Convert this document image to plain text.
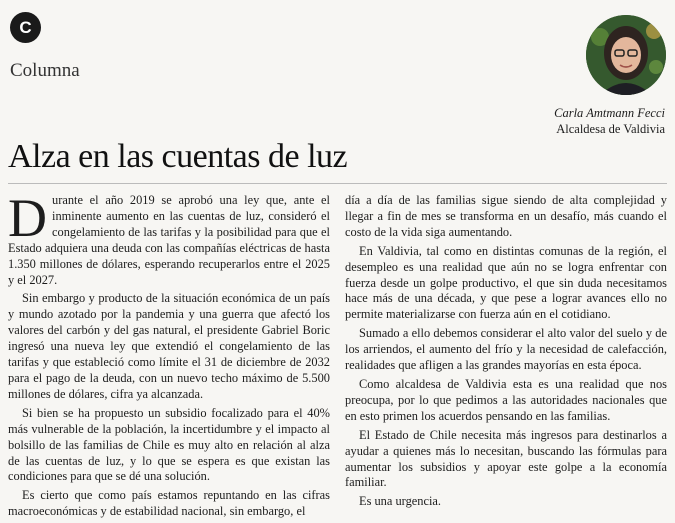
C
Columna
Carla Amtmann Fecci
Alcaldesa de Valdivia
Alza en las cuentas de luz

Durante el año 2019 se aprobó una ley que, ante el inminente aumento en las cuentas de luz, consideró el congelamiento de las tarifas y la posibilidad para que el Estado adquiera una deuda con las compañías eléctricas de hasta 1.350 millones de dólares, esperando recuperarlos entre el 2025 y el 2027.

Sin embargo y producto de la situación económica de un país y mundo azotado por la pandemia y una guerra que afectó los valores del carbón y del gas natural, el presidente Gabriel Boric ingresó una nueva ley que extendió el congelamiento de las tarifas y que estableció como límite el 31 de diciembre de 2032 para el pago de la deuda, con un nuevo techo máximo de 5.500 millones de dólares, cifra ya alcanzada.

Si bien se ha propuesto un subsidio focalizado para el 40% más vulnerable de la población, la incertidumbre y el impacto al bolsillo de las familias de Chile es muy alto en relación al alza de las cuentas de luz, y lo que se espera es que existan las condiciones para que se dé una solución.

Es cierto que como país estamos repuntando en las cifras macroeconómicas y de estabilidad nacional, sin embargo, el

día a día de las familias sigue siendo de alta complejidad y llegar a fin de mes se transforma en un desafío, más cuando el costo de la vida siga aumentando.

En Valdivia, tal como en distintas comunas de la región, el desempleo es una realidad que aún no se logra enfrentar con fuerza desde un golpe productivo, el que sin duda necesitamos hace más de una década, y que pese a lograr avances ello no permite materializarse con fuerza aún en el cotidiano.

Sumado a ello debemos considerar el alto valor del suelo y de los arriendos, el aumento del frío y la necesidad de calefacción, realidades que afligen a las grandes mayorías en esta época.

Como alcaldesa de Valdivia esta es una realidad que nos preocupa, por lo que pedimos a las autoridades nacionales que en esto primen los acuerdos pensando en las familias.

El Estado de Chile necesita más ingresos para destinarlos a ayudar a quienes más lo necesitan, buscando las fórmulas para aumentar los subsidios y apoyar este golpe a la economía familiar.

Es una urgencia.
